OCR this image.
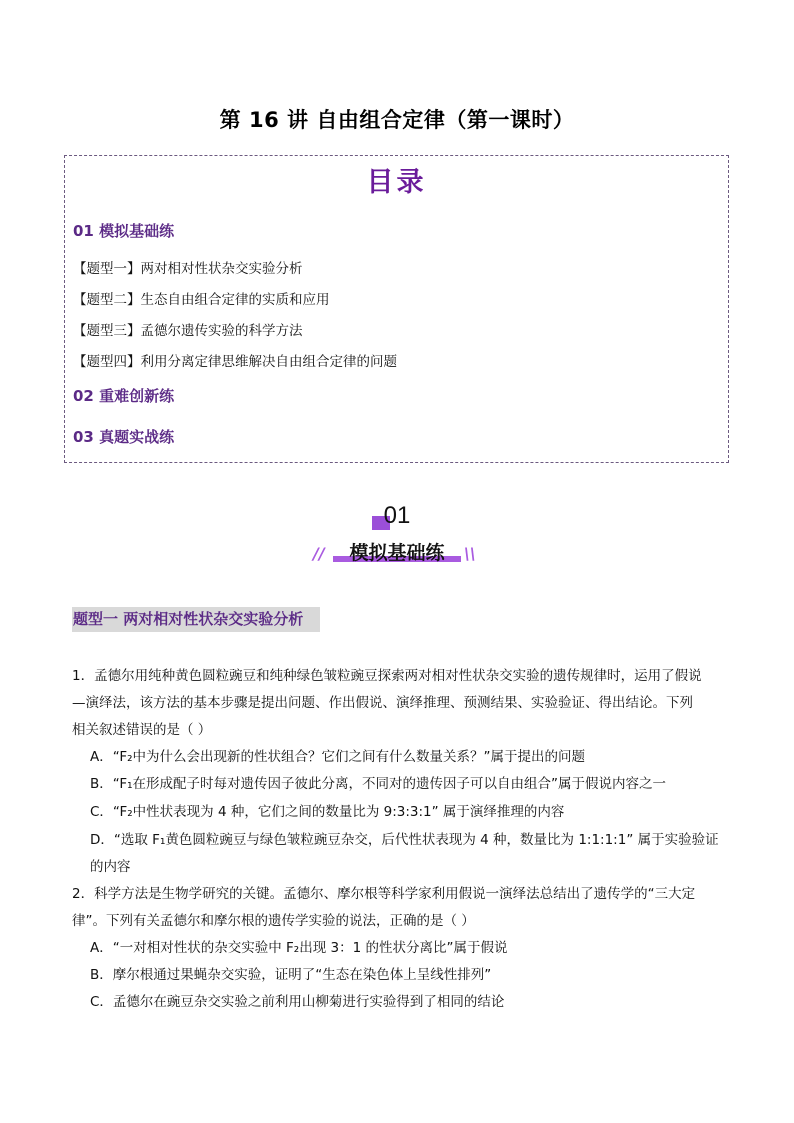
第 16 讲 自由组合定律（第一课时）
目录
01 模拟基础练
【题型一】两对相对性状杂交实验分析
【题型二】生态自由组合定律的实质和应用
【题型三】孟德尔遗传实验的科学方法
【题型四】利用分离定律思维解决自由组合定律的问题
02 重难创新练
03 真题实战练
01
//	模拟基础练	\\
题型一 两对相对性状杂交实验分析
1．孟德尔用纯种黄色圆粒豌豆和纯种绿色皱粒豌豆探索两对相对性状杂交实验的遗传规律时，运用了假说
—演绎法，该方法的基本步骤是提出问题、作出假说、演绎推理、预测结果、实验验证、得出结论。下列
相关叙述错误的是（ ）
A．“F₂中为什么会出现新的性状组合？它们之间有什么数量关系？”属于提出的问题
B．“F₁在形成配子时每对遗传因子彼此分离，不同对的遗传因子可以自由组合”属于假说内容之一
C．“F₂中性状表现为 4 种，它们之间的数量比为 9:3:3:1” 属于演绎推理的内容
D．“选取 F₁黄色圆粒豌豆与绿色皱粒豌豆杂交，后代性状表现为 4 种，数量比为 1:1:1:1” 属于实验验证
的内容
2．科学方法是生物学研究的关键。孟德尔、摩尔根等科学家利用假说一演绎法总结出了遗传学的“三大定
律”。下列有关孟德尔和摩尔根的遗传学实验的说法，正确的是（ ）
A．“一对相对性状的杂交实验中 F₂出现 3：1 的性状分离比”属于假说
B．摩尔根通过果蝇杂交实验，证明了“生态在染色体上呈线性排列”
C．孟德尔在豌豆杂交实验之前利用山柳菊进行实验得到了相同的结论
